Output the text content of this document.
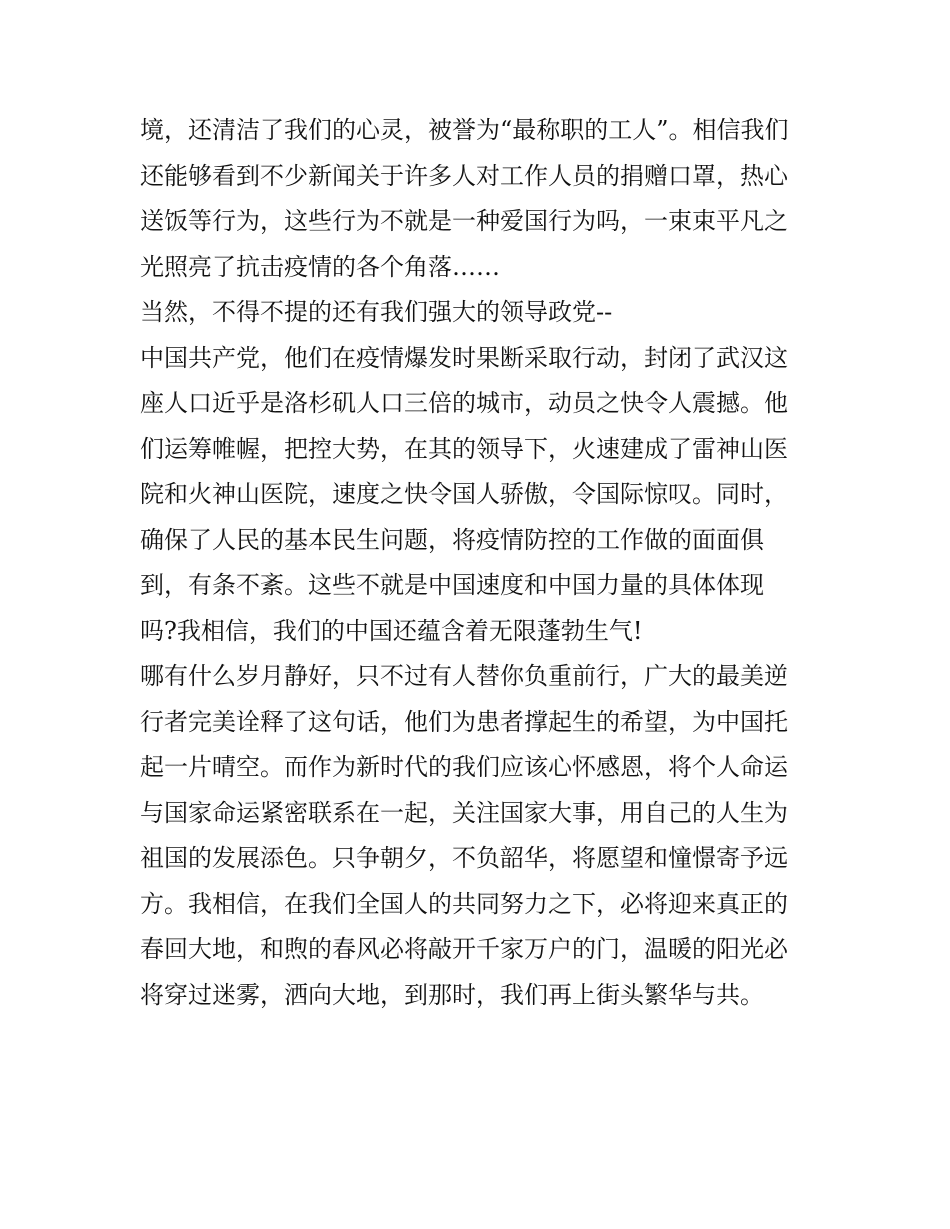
境，还清洁了我们的心灵，被誉为“最称职的工人”。相信我们
还能够看到不少新闻关于许多人对工作人员的捐赠口罩，热心
送饭等行为，这些行为不就是一种爱国行为吗，一束束平凡之
光照亮了抗击疫情的各个角落……
当然，不得不提的还有我们强大的领导政党--
中国共产党，他们在疫情爆发时果断采取行动，封闭了武汉这
座人口近乎是洛杉矶人口三倍的城市，动员之快令人震撼。他
们运筹帷幄，把控大势，在其的领导下，火速建成了雷神山医
院和火神山医院，速度之快令国人骄傲，令国际惊叹。同时，
确保了人民的基本民生问题，将疫情防控的工作做的面面俱
到，有条不紊。这些不就是中国速度和中国力量的具体体现
吗?我相信，我们的中国还蕴含着无限蓬勃生气!
哪有什么岁月静好，只不过有人替你负重前行，广大的最美逆
行者完美诠释了这句话，他们为患者撑起生的希望，为中国托
起一片晴空。而作为新时代的我们应该心怀感恩，将个人命运
与国家命运紧密联系在一起，关注国家大事，用自己的人生为
祖国的发展添色。只争朝夕，不负韶华，将愿望和憧憬寄予远
方。我相信，在我们全国人的共同努力之下，必将迎来真正的
春回大地，和煦的春风必将敲开千家万户的门，温暖的阳光必
将穿过迷雾，洒向大地，到那时，我们再上街头繁华与共。
